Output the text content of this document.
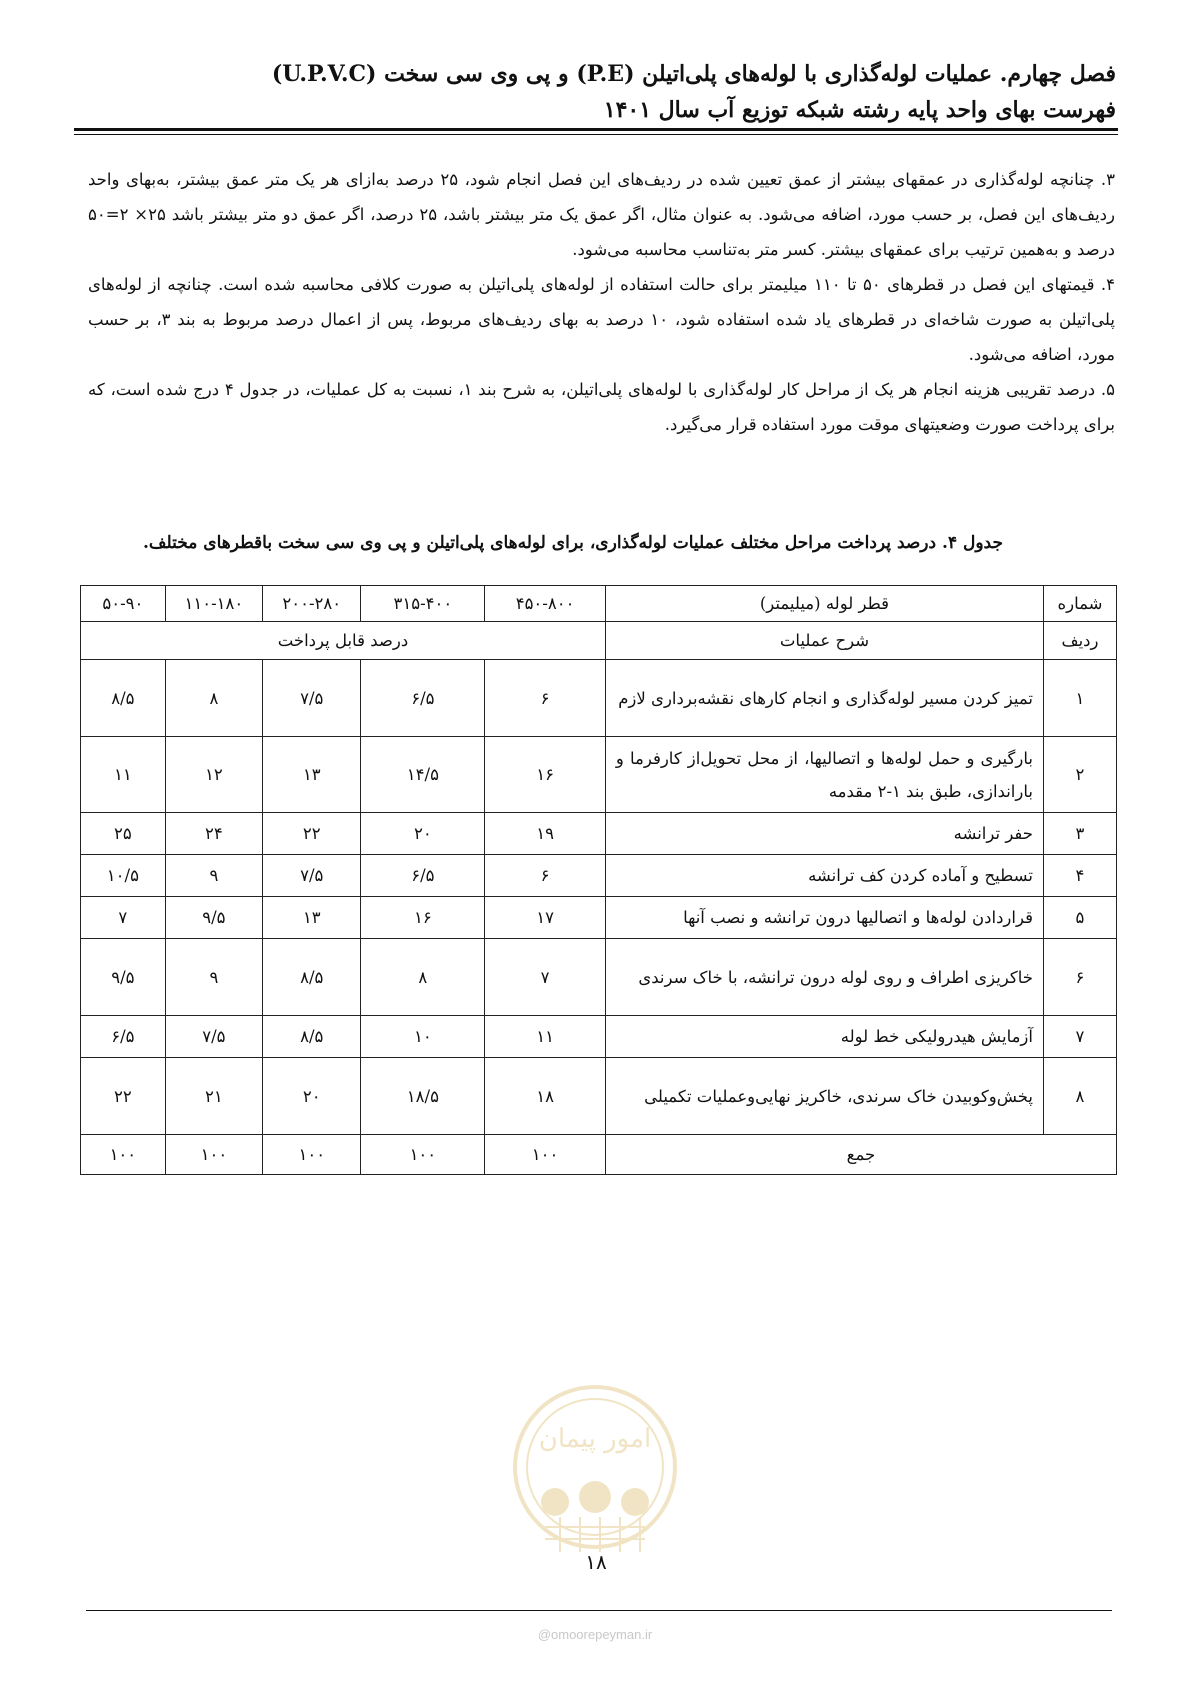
فصل چهارم. عملیات لوله‌گذاری با لوله‌های پلی‌اتیلن (P.E) و پی وی سی سخت (U.P.V.C)
فهرست بهای واحد پایه رشته شبکه توزیع آب سال ۱۴۰۱

۳. چنانچه لوله‌گذاری در عمقهای بیشتر از عمق تعیین شده در ردیف‌های این فصل انجام شود، ۲۵ درصد به‌ازای هر یک متر عمق بیشتر، به‌بهای واحد ردیف‌های این فصل، بر حسب مورد، اضافه می‌شود. به عنوان مثال، اگر عمق یک متر بیشتر باشد، ۲۵ درصد، اگر عمق دو متر بیشتر باشد ۲۵× ۲=۵۰ درصد و به‌همین ترتیب برای عمقهای بیشتر. کسر متر به‌تناسب محاسبه می‌شود.

۴. قیمتهای این فصل در قطرهای ۵۰ تا ۱۱۰ میلیمتر برای حالت استفاده از لوله‌های پلی‌اتیلن به صورت کلافی محاسبه شده است. چنانچه از لوله‌های پلی‌اتیلن به صورت شاخه‌ای در قطرهای یاد شده استفاده شود، ۱۰ درصد به بهای ردیف‌های مربوط، پس از اعمال درصد مربوط به بند ۳، بر حسب مورد، اضافه می‌شود.

۵. درصد تقریبی هزینه انجام هر یک از مراحل کار لوله‌گذاری با لوله‌های پلی‌اتیلن، به شرح بند ۱، نسبت به کل عملیات، در جدول ۴ درج شده است، که برای پرداخت صورت وضعیتهای موقت مورد استفاده قرار می‌گیرد.

جدول ۴. درصد پرداخت مراحل مختلف عملیات لوله‌گذاری، برای لوله‌های پلی‌اتیلن و پی وی سی سخت باقطرهای مختلف.
شماره	قطر لوله (میلیمتر)	۴۵۰-۸۰۰	۳۱۵-۴۰۰	۲۰۰-۲۸۰	۱۱۰-۱۸۰	۵۰-۹۰
ردیف	شرح عملیات	درصد قابل پرداخت				
۱	تمیز کردن مسیر لوله‌گذاری و انجام کارهای نقشه‌برداری لازم	۶	۶/۵	۷/۵	۸	۸/۵
۲	بارگیری و حمل لوله‌ها و اتصالیها، از محل تحویل‌از کارفرما و باراندازی، طبق بند ۱-۲ مقدمه	۱۶	۱۴/۵	۱۳	۱۲	۱۱
۳	حفر ترانشه	۱۹	۲۰	۲۲	۲۴	۲۵
۴	تسطیح و آماده کردن کف ترانشه	۶	۶/۵	۷/۵	۹	۱۰/۵
۵	قراردادن لوله‌ها و اتصالیها درون ترانشه و نصب آنها	۱۷	۱۶	۱۳	۹/۵	۷
۶	خاکریزی اطراف و روی لوله درون ترانشه، با خاک سرندی	۷	۸	۸/۵	۹	۹/۵
۷	آزمایش هیدرولیکی خط لوله	۱۱	۱۰	۸/۵	۷/۵	۶/۵
۸	پخش‌وکوبیدن خاک سرندی، خاکریز نهایی‌وعملیات تکمیلی	۱۸	۱۸/۵	۲۰	۲۱	۲۲
جمع		۱۰۰	۱۰۰	۱۰۰	۱۰۰	۱۰۰
امور پیمان
۱۸
@omoorepeyman.ir
